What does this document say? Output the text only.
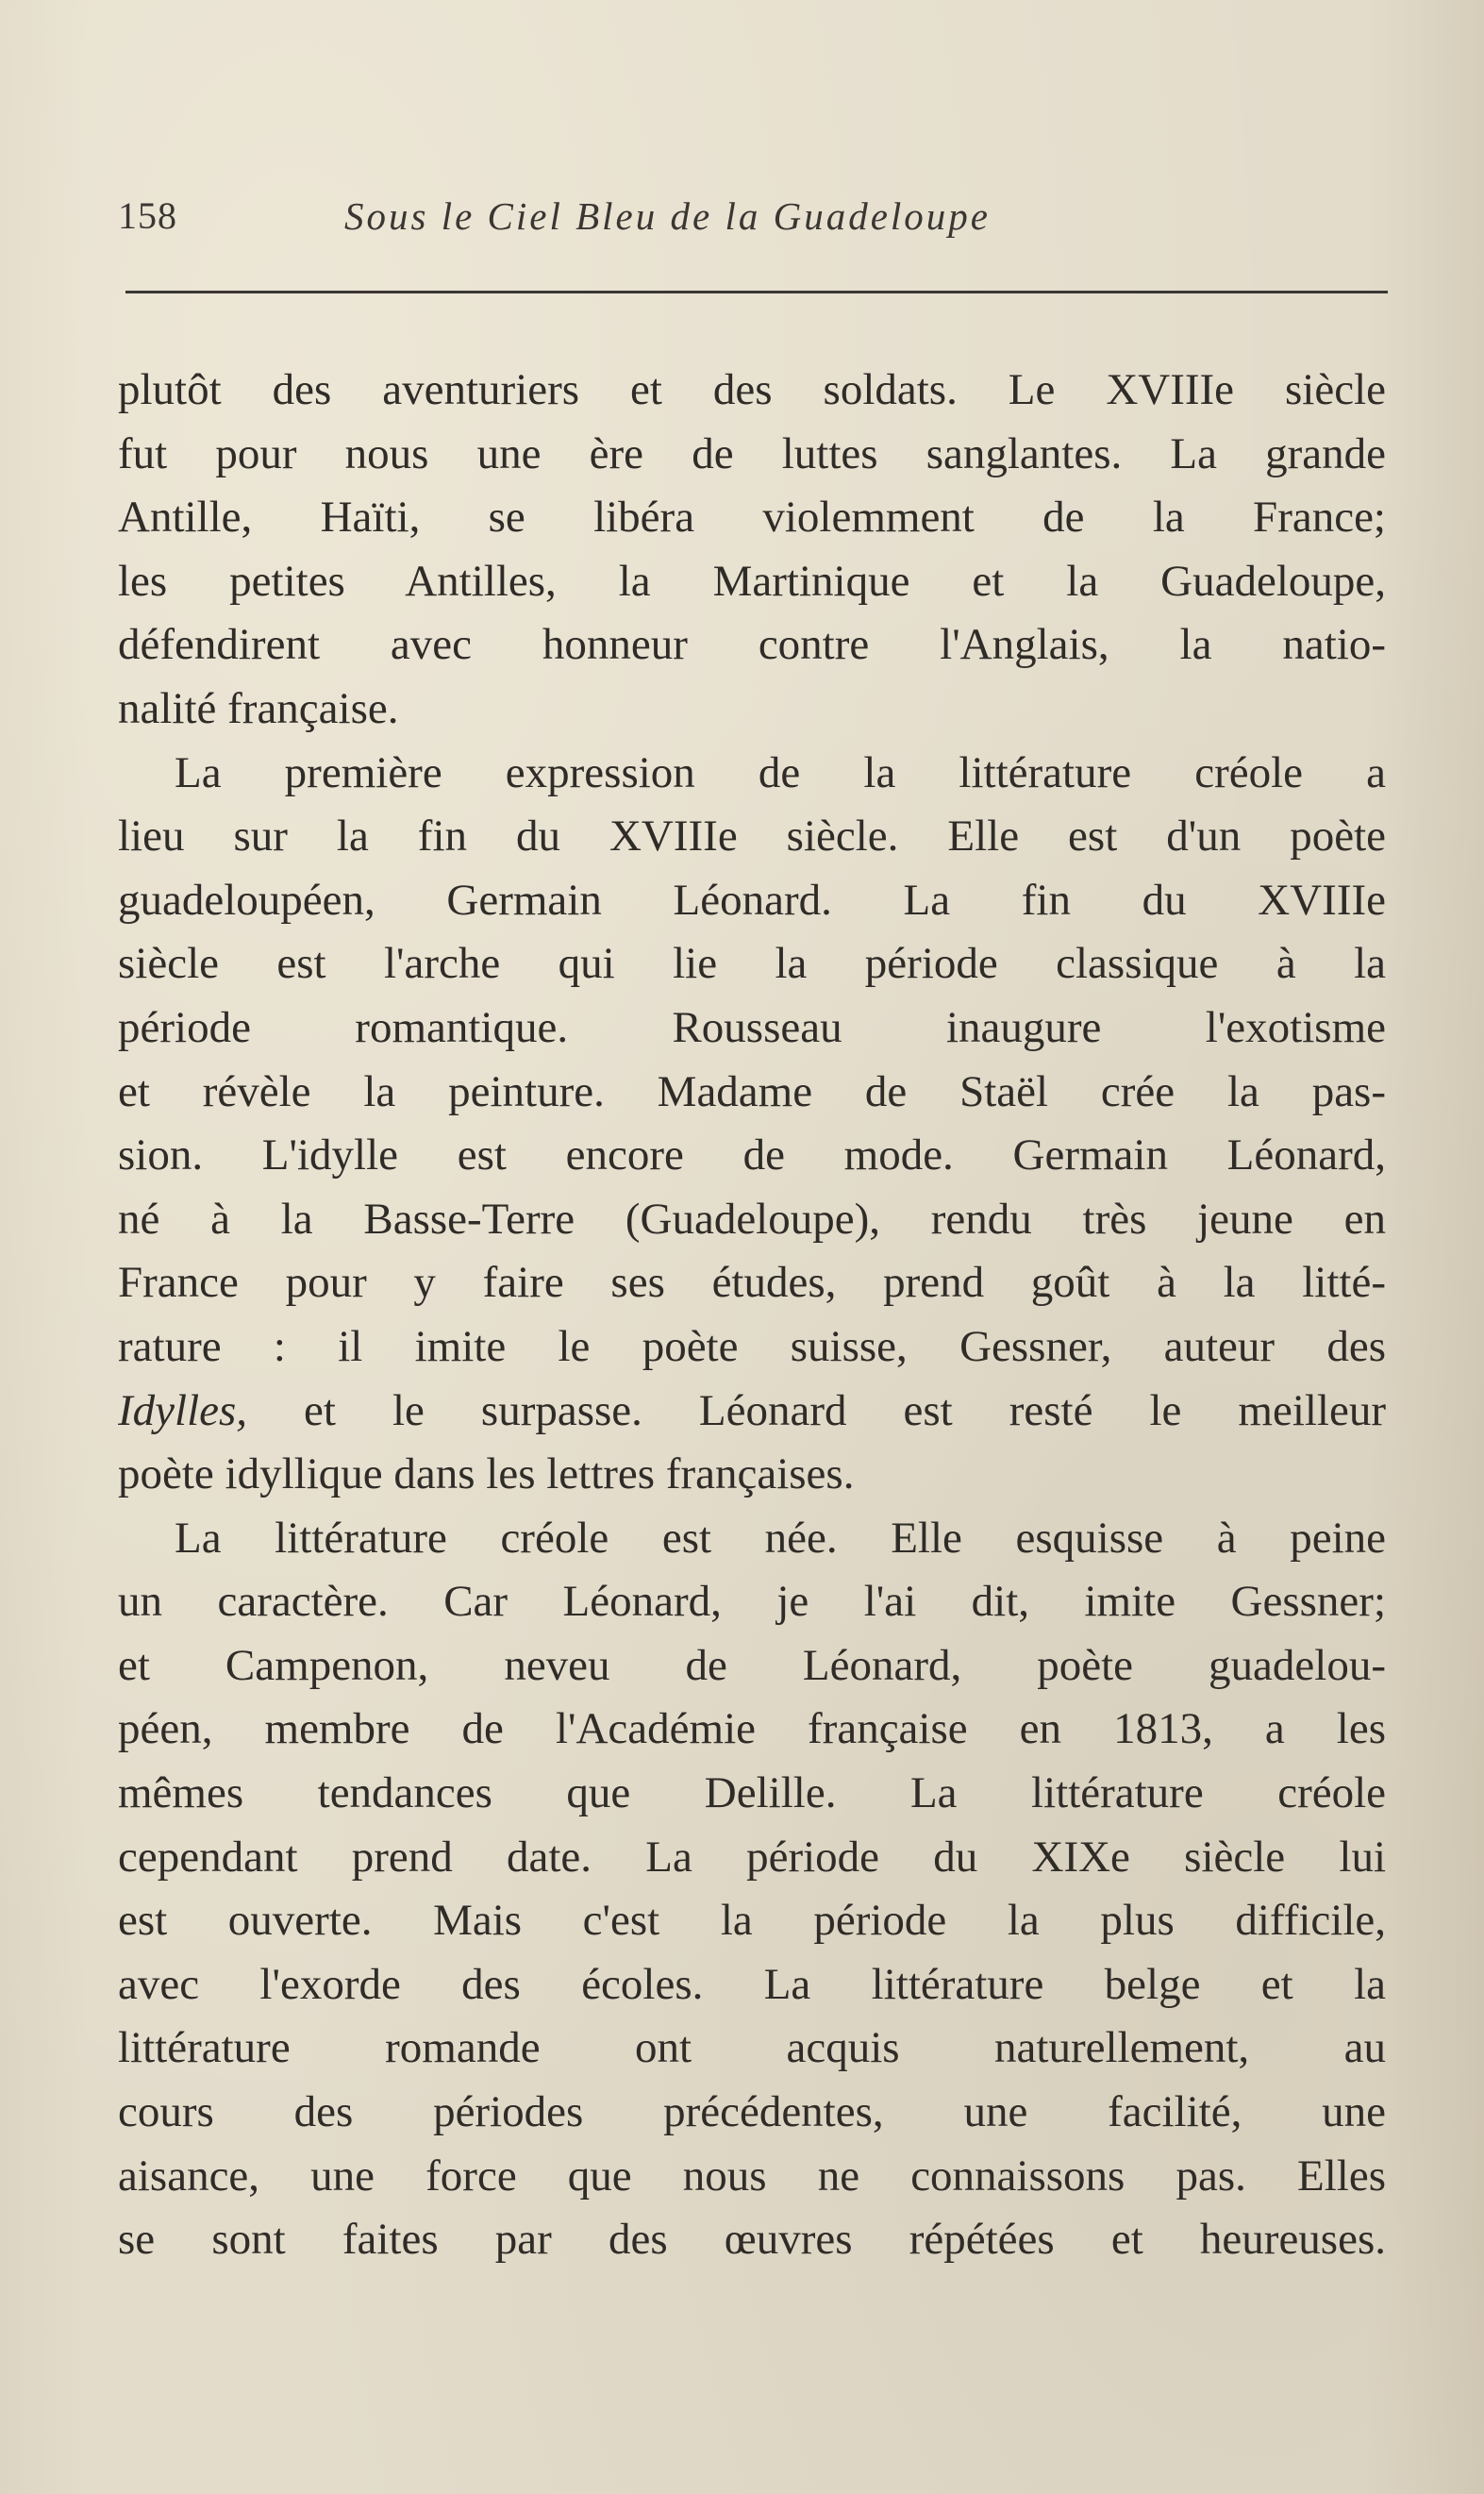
158	Sous le Ciel Bleu de la Guadeloupe
plutôt des aventuriers et des soldats. Le XVIIIe siècle
fut pour nous une ère de luttes sanglantes. La grande
Antille, Haïti, se libéra violemment de la France;
les petites Antilles, la Martinique et la Guadeloupe,
défendirent avec honneur contre l'Anglais, la natio-
nalité française.
La première expression de la littérature créole a
lieu sur la fin du XVIIIe siècle. Elle est d'un poète
guadeloupéen, Germain Léonard. La fin du XVIIIe
siècle est l'arche qui lie la période classique à la
période romantique. Rousseau inaugure l'exotisme
et révèle la peinture. Madame de Staël crée la pas-
sion. L'idylle est encore de mode. Germain Léonard,
né à la Basse-Terre (Guadeloupe), rendu très jeune en
France pour y faire ses études, prend goût à la litté-
rature : il imite le poète suisse, Gessner, auteur des
Idylles, et le surpasse. Léonard est resté le meilleur
poète idyllique dans les lettres françaises.
La littérature créole est née. Elle esquisse à peine
un caractère. Car Léonard, je l'ai dit, imite Gessner;
et Campenon, neveu de Léonard, poète guadelou-
péen, membre de l'Académie française en 1813, a les
mêmes tendances que Delille. La littérature créole
cependant prend date. La période du XIXe siècle lui
est ouverte. Mais c'est la période la plus difficile,
avec l'exorde des écoles. La littérature belge et la
littérature romande ont acquis naturellement, au
cours des périodes précédentes, une facilité, une
aisance, une force que nous ne connaissons pas. Elles
se sont faites par des œuvres répétées et heureuses.
